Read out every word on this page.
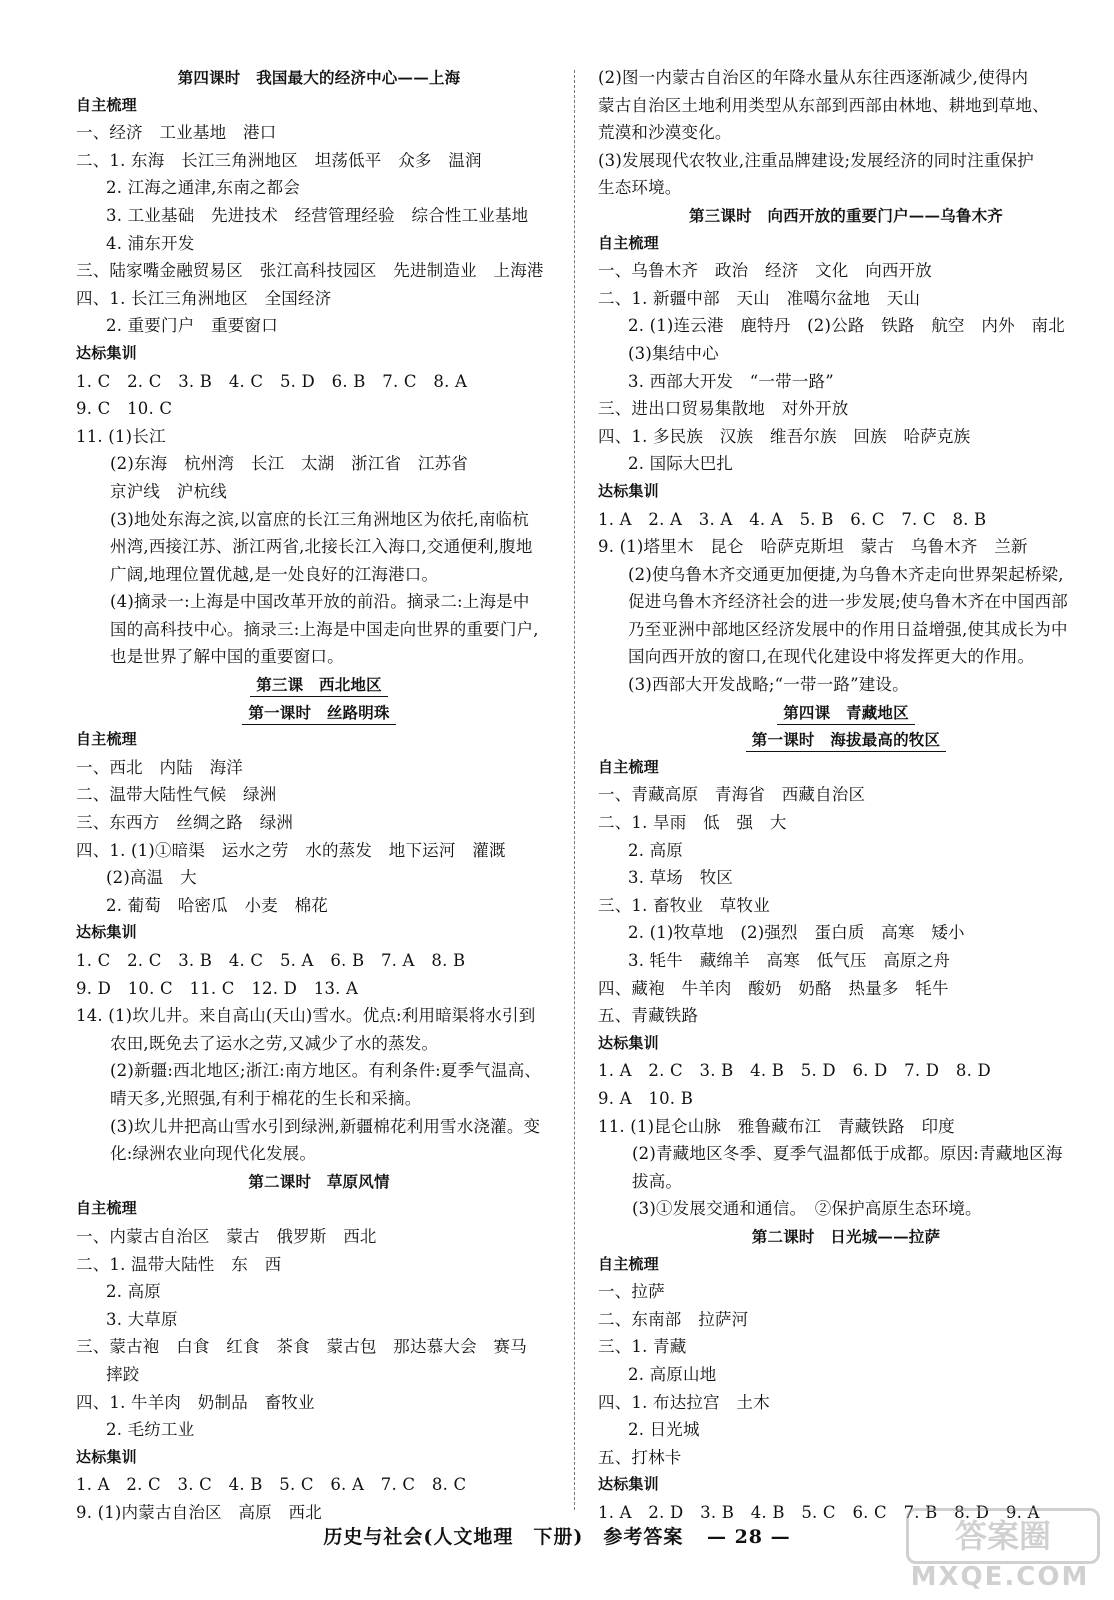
第四课时　我国最大的经济中心——上海
自主梳理
一、经济　工业基地　港口
二、1. 东海　长江三角洲地区　坦荡低平　众多　温润
2. 江海之通津,东南之都会
3. 工业基础　先进技术　经营管理经验　综合性工业基地
4. 浦东开发
三、陆家嘴金融贸易区　张江高科技园区　先进制造业　上海港
四、1. 长江三角洲地区　全国经济
2. 重要门户　重要窗口
达标集训
1. C　2. C　3. B　4. C　5. D　6. B　7. C　8. A
9. C　10. C
11. (1)长江
(2)东海　杭州湾　长江　太湖　浙江省　江苏省
京沪线　沪杭线
(3)地处东海之滨,以富庶的长江三角洲地区为依托,南临杭
州湾,西接江苏、浙江两省,北接长江入海口,交通便利,腹地
广阔,地理位置优越,是一处良好的江海港口。
(4)摘录一:上海是中国改革开放的前沿。摘录二:上海是中
国的高科技中心。摘录三:上海是中国走向世界的重要门户,
也是世界了解中国的重要窗口。
第三课　西北地区
第一课时　丝路明珠
自主梳理
一、西北　内陆　海洋
二、温带大陆性气候　绿洲
三、东西方　丝绸之路　绿洲
四、1. (1)①暗渠　运水之劳　水的蒸发　地下运河　灌溉
(2)高温　大
2. 葡萄　哈密瓜　小麦　棉花
达标集训
1. C　2. C　3. B　4. C　5. A　6. B　7. A　8. B
9. D　10. C　11. C　12. D　13. A
14. (1)坎儿井。来自高山(天山)雪水。优点:利用暗渠将水引到
农田,既免去了运水之劳,又减少了水的蒸发。
(2)新疆:西北地区;浙江:南方地区。有利条件:夏季气温高、
晴天多,光照强,有利于棉花的生长和采摘。
(3)坎儿井把高山雪水引到绿洲,新疆棉花利用雪水浇灌。变
化:绿洲农业向现代化发展。
第二课时　草原风情
自主梳理
一、内蒙古自治区　蒙古　俄罗斯　西北
二、1. 温带大陆性　东　西
2. 高原
3. 大草原
三、蒙古袍　白食　红食　茶食　蒙古包　那达慕大会　赛马
摔跤
四、1. 牛羊肉　奶制品　畜牧业
2. 毛纺工业
达标集训
1. A　2. C　3. C　4. B　5. C　6. A　7. C　8. C
9. (1)内蒙古自治区　高原　西北
(2)图一内蒙古自治区的年降水量从东往西逐渐减少,使得内
蒙古自治区土地利用类型从东部到西部由林地、耕地到草地、
荒漠和沙漠变化。
(3)发展现代农牧业,注重品牌建设;发展经济的同时注重保护
生态环境。
第三课时　向西开放的重要门户——乌鲁木齐
自主梳理
一、乌鲁木齐　政治　经济　文化　向西开放
二、1. 新疆中部　天山　准噶尔盆地　天山
2. (1)连云港　鹿特丹　(2)公路　铁路　航空　内外　南北
(3)集结中心
3. 西部大开发　“一带一路”
三、进出口贸易集散地　对外开放
四、1. 多民族　汉族　维吾尔族　回族　哈萨克族
2. 国际大巴扎
达标集训
1. A　2. A　3. A　4. A　5. B　6. C　7. C　8. B
9. (1)塔里木　昆仑　哈萨克斯坦　蒙古　乌鲁木齐　兰新
(2)使乌鲁木齐交通更加便捷,为乌鲁木齐走向世界架起桥梁,
促进乌鲁木齐经济社会的进一步发展;使乌鲁木齐在中国西部
乃至亚洲中部地区经济发展中的作用日益增强,使其成长为中
国向西开放的窗口,在现代化建设中将发挥更大的作用。
(3)西部大开发战略;“一带一路”建设。
第四课　青藏地区
第一课时　海拔最高的牧区
自主梳理
一、青藏高原　青海省　西藏自治区
二、1. 旱雨　低　强　大
2. 高原
3. 草场　牧区
三、1. 畜牧业　草牧业
2. (1)牧草地　(2)强烈　蛋白质　高寒　矮小
3. 牦牛　藏绵羊　高寒　低气压　高原之舟
四、藏袍　牛羊肉　酸奶　奶酪　热量多　牦牛
五、青藏铁路
达标集训
1. A　2. C　3. B　4. B　5. D　6. D　7. D　8. D
9. A　10. B
11. (1)昆仑山脉　雅鲁藏布江　青藏铁路　印度
(2)青藏地区冬季、夏季气温都低于成都。原因:青藏地区海
拔高。
(3)①发展交通和通信。　②保护高原生态环境。
第二课时　日光城——拉萨
自主梳理
一、拉萨
二、东南部　拉萨河
三、1. 青藏
2. 高原山地
四、1. 布达拉宫　土木
2. 日光城
五、打林卡
达标集训
1. A　2. D　3. B　4. B　5. C　6. C　7. B　8. D　9. A
历史与社会(人文地理　下册)　参考答案 — 28 —	答案圈
MXQE.COM
